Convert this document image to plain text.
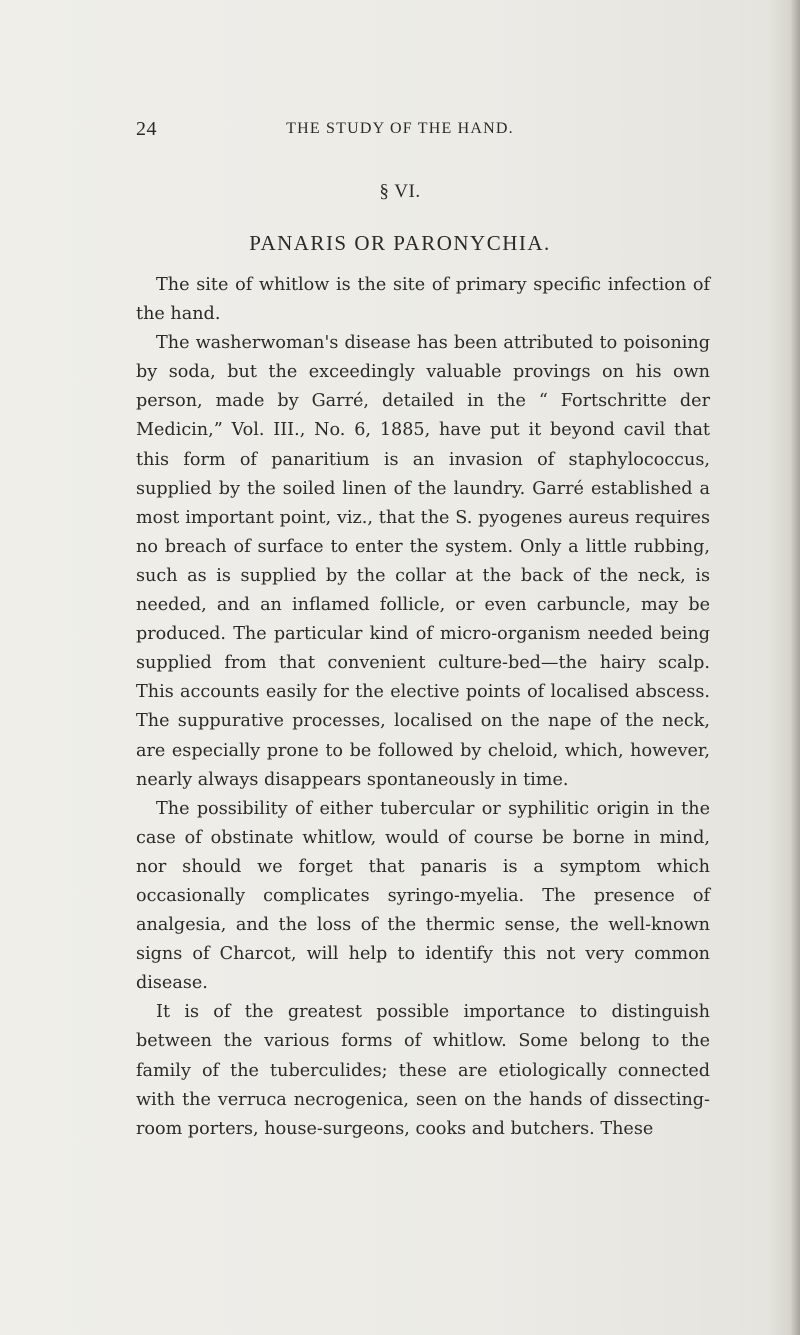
24	THE STUDY OF THE HAND.
§ VI.
PANARIS OR PARONYCHIA.

The site of whitlow is the site of primary specific infection of the hand.

The washerwoman's disease has been attributed to poisoning by soda, but the exceedingly valuable provings on his own person, made by Garré, detailed in the “ Fortschritte der Medicin,” Vol. III., No. 6, 1885, have put it beyond cavil that this form of panaritium is an invasion of staphylococcus, supplied by the soiled linen of the laundry. Garré established a most important point, viz., that the S. pyogenes aureus requires no breach of surface to enter the system. Only a little rubbing, such as is supplied by the collar at the back of the neck, is needed, and an inflamed follicle, or even carbuncle, may be produced. The particular kind of micro-organism needed being supplied from that convenient culture-bed—the hairy scalp. This accounts easily for the elective points of localised abscess. The suppurative processes, localised on the nape of the neck, are especially prone to be followed by cheloid, which, however, nearly always disappears spontaneously in time.

The possibility of either tubercular or syphilitic origin in the case of obstinate whitlow, would of course be borne in mind, nor should we forget that panaris is a symptom which occasionally complicates syringo-myelia. The presence of analgesia, and the loss of the thermic sense, the well-known signs of Charcot, will help to identify this not very common disease.

It is of the greatest possible importance to distinguish between the various forms of whitlow. Some belong to the family of the tuberculides; these are etiologically connected with the verruca necrogenica, seen on the hands of dissecting-room porters, house-surgeons, cooks and butchers. These
